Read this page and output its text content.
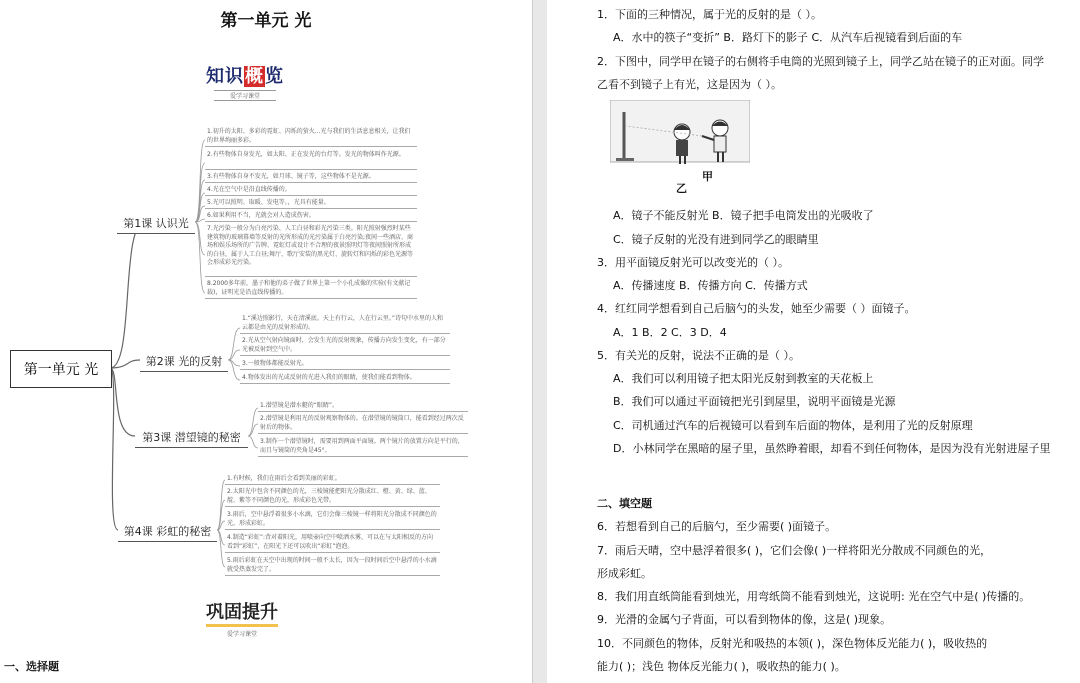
第一单元 光
知识概览
爱学习课堂
第一单元 光
第1课 认识光
第2课 光的反射
第3课 潜望镜的秘密
第4课 彩虹的秘密
1.初升的太阳、多彩的霓虹、闪烁的萤火...光与我们的生活息息相关，让我们的世界绚丽多彩。
2.有些物体自身发光，如太阳、正在发光的台灯等。发光的物体叫作光源。
3.有些物体自身不发光，如月球、镜子等，这些物体不是光源。
4.光在空气中是沿直线传播的。
5.光可以照明、取暖、发电等。，光具有能量。
6.如果利用不当，光就会对人造成伤害。
7.光污染一般分为白亮污染、人工白昼和彩光污染三类。阳光照射强烈时某些建筑物的玻璃幕墙等反射的光所形成的光污染属于白亮污染;夜间一些酒店、商场和娱乐场所的广告牌、霓虹灯或设计不合理的夜景照明灯等夜间照射所形成的白昼，属于人工白昼;舞厅、歌厅安装的黑光灯、旋转灯和闪烁的彩色光源等会形成彩光污染。
8.2000多年前，墨子和他的弟子做了世界上第一个小孔成像的实验(有文献记载)，证明光是沿直线传播的。
1.“溪边照影行，天在清溪底。天上有行云，人在行云里。”诗句中水里的人和云都是由光的反射形成的。
2.光从空气射向镜面时，会发生光的反射现象，传播方向发生变化，有一部分光被反射到空气中。
3.一般物体都能反射光。
4.物体发出的光或反射的光进入我们的眼睛，使我们能看到物体。
1.潜望镜是潜水艇的“眼睛”。
2.潜望镜是利用光的反射观察物体的。在潜望镜的镜筒口，能看到经过两次反射后的物体。
3.制作一个潜望镜时，需要用到两面平面镜。两个镜片的放置方向是平行的，而且与镜筒的夹角是45°。
1.有时候，我们在雨后会看到美丽的彩虹。
2.太阳光中包含不同颜色的光，三棱镜能把阳光分散成红、橙、黄、绿、蓝、靛、紫等不同颜色的光，形成彩色光带。
3.雨后，空中悬浮着很多小水滴，它们会像三棱镜一样将阳光分散成不同颜色的光，形成彩虹。
4.制造“彩虹”:背对着阳光，用喷壶向空中喷洒水雾，可以在与太阳相反的方向看到“彩虹”，在阳光下还可以吹出“彩虹”泡泡。
5.雨后彩虹在天空中出现的时间一般不太长，因为一段时间后空中悬浮的小水滴就受热蒸发完了。
巩固提升
爱学习课堂
一、选择题
1．下面的三种情况，属于光的反射的是（ ）。
A．水中的筷子“变折” B．路灯下的影子 C．从汽车后视镜看到后面的车
2．下图中，同学甲在镜子的右侧将手电筒的光照到镜子上，同学乙站在镜子的正对面。同学
乙看不到镜子上有光，这是因为（ ）。
甲
乙
A．镜子不能反射光 B．镜子把手电筒发出的光吸收了
C．镜子反射的光没有进到同学乙的眼睛里
3．用平面镜反射光可以改变光的（ ）。
A．传播速度 B．传播方向 C．传播方式
4．红红同学想看到自己后脑勺的头发，她至少需要（ ）面镜子。
A．1 B．2 C．3 D．4
5．有关光的反射，说法不正确的是（ ）。
A．我们可以利用镜子把太阳光反射到教室的天花板上
B．我们可以通过平面镜把光引到屋里，说明平面镜是光源
C．司机通过汽车的后视镜可以看到车后面的物体，是利用了光的反射原理
D．小林同学在黑暗的屋子里，虽然睁着眼，却看不到任何物体，是因为没有光射进屋子里
二、填空题
6．若想看到自己的后脑勺，至少需要( )面镜子。
7．雨后天晴，空中悬浮着很多( )，它们会像( )一样将阳光分散成不同颜色的光，
形成彩虹。
8．我们用直纸筒能看到烛光，用弯纸筒不能看到烛光，这说明: 光在空气中是( )传播的。
9．光滑的金属勺子背面，可以看到物体的像，这是( )现象。
10．不同颜色的物体，反射光和吸热的本领( )，深色物体反光能力( )，吸收热的
能力( )；浅色 物体反光能力( )，吸收热的能力( )。
